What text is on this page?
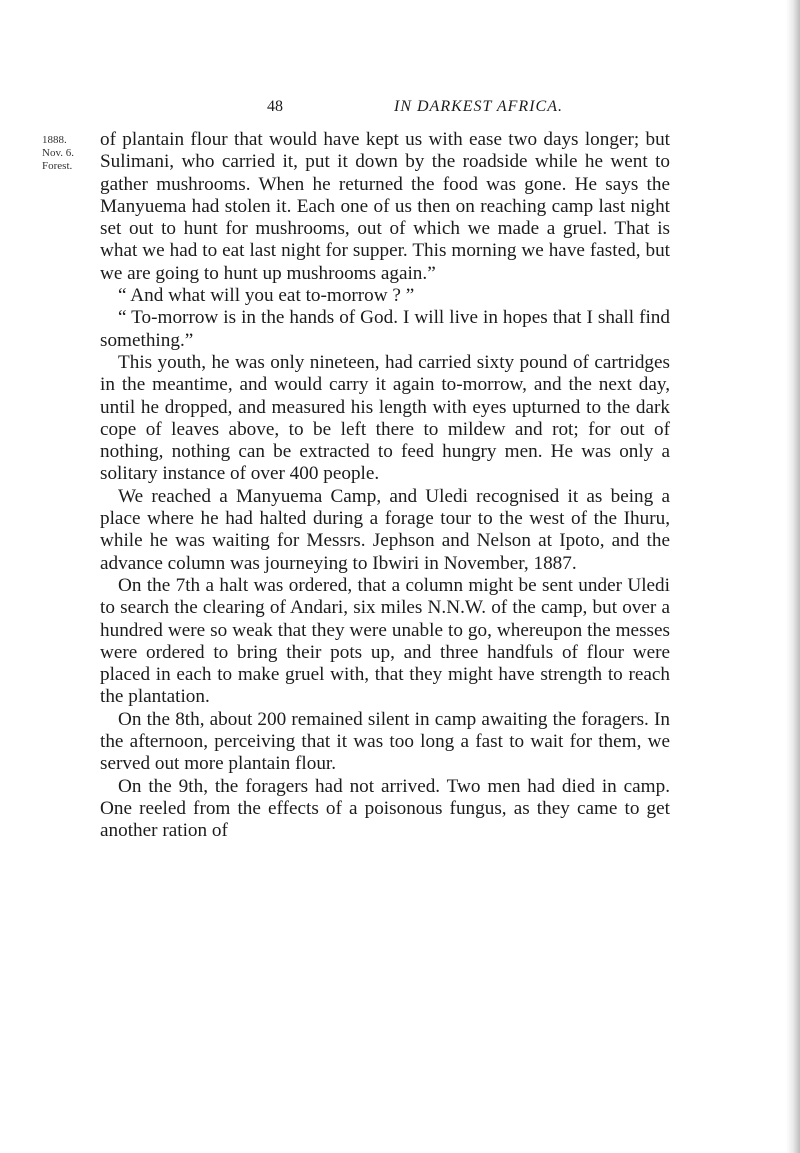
48	IN DARKEST AFRICA.
1888.
Nov. 6.
Forest.

of plantain flour that would have kept us with ease two days longer; but Sulimani, who carried it, put it down by the roadside while he went to gather mushrooms. When he returned the food was gone. He says the Manyuema had stolen it. Each one of us then on reaching camp last night set out to hunt for mushrooms, out of which we made a gruel. That is what we had to eat last night for supper. This morning we have fasted, but we are going to hunt up mushrooms again.”

“ And what will you eat to-morrow ? ”

“ To-morrow is in the hands of God. I will live in hopes that I shall find something.”

This youth, he was only nineteen, had carried sixty pound of cartridges in the meantime, and would carry it again to-morrow, and the next day, until he dropped, and measured his length with eyes upturned to the dark cope of leaves above, to be left there to mildew and rot; for out of nothing, nothing can be extracted to feed hungry men. He was only a solitary instance of over 400 people.

We reached a Manyuema Camp, and Uledi recognised it as being a place where he had halted during a forage tour to the west of the Ihuru, while he was waiting for Messrs. Jephson and Nelson at Ipoto, and the advance column was journeying to Ibwiri in November, 1887.

On the 7th a halt was ordered, that a column might be sent under Uledi to search the clearing of Andari, six miles N.N.W. of the camp, but over a hundred were so weak that they were unable to go, whereupon the messes were ordered to bring their pots up, and three handfuls of flour were placed in each to make gruel with, that they might have strength to reach the plantation.

On the 8th, about 200 remained silent in camp awaiting the foragers. In the afternoon, perceiving that it was too long a fast to wait for them, we served out more plantain flour.

On the 9th, the foragers had not arrived. Two men had died in camp. One reeled from the effects of a poisonous fungus, as they came to get another ration of
